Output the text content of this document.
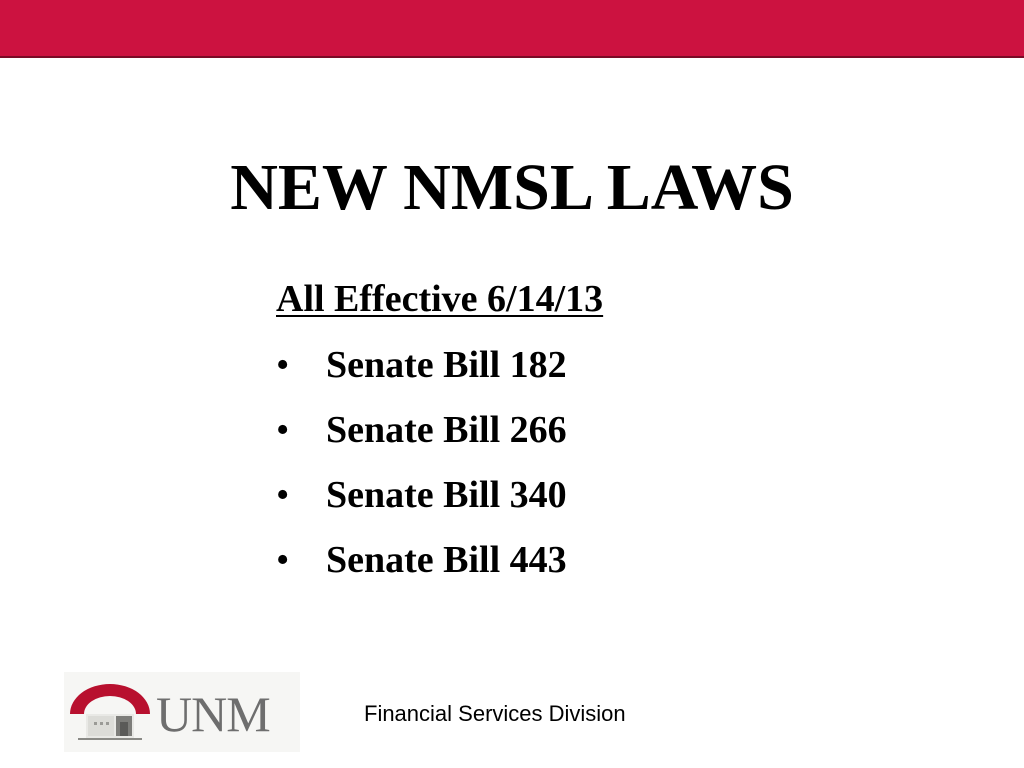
NEW NMSL LAWS
All Effective 6/14/13
• Senate Bill 182
• Senate Bill 266
• Senate Bill 340
• Senate Bill 443
UNM	Financial Services Division
